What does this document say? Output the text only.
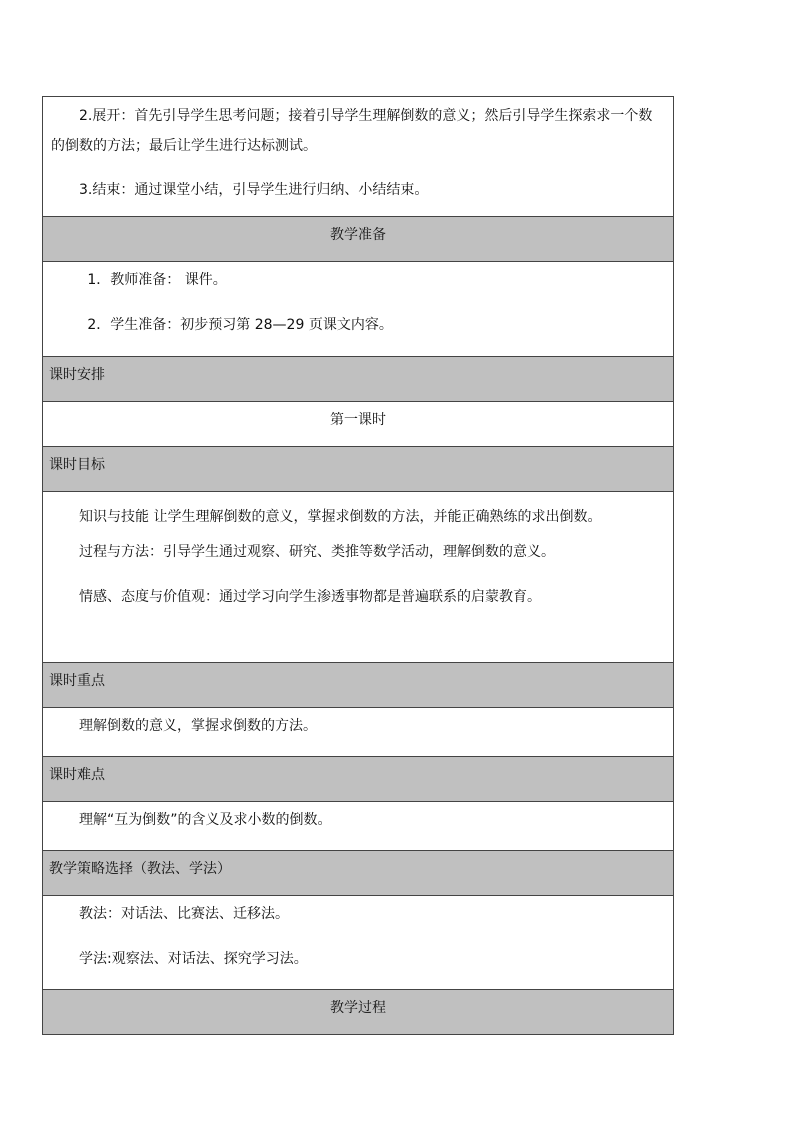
2.展开：首先引导学生思考问题；接着引导学生理解倒数的意义；然后引导学生探索求一个数的倒数的方法；最后让学生进行达标测试。

3.结束：通过课堂小结，引导学生进行归纳、小结结束。

教学准备

1．教师准备： 课件。

2．学生准备：初步预习第 28—29 页课文内容。

课时安排

第一课时

课时目标

知识与技能 让学生理解倒数的意义，掌握求倒数的方法，并能正确熟练的求出倒数。

过程与方法：引导学生通过观察、研究、类推等数学活动，理解倒数的意义。

情感、态度与价值观：通过学习向学生渗透事物都是普遍联系的启蒙教育。

课时重点

理解倒数的意义，掌握求倒数的方法。

课时难点

理解“互为倒数”的含义及求小数的倒数。

教学策略选择（教法、学法）

教法：对话法、比赛法、迁移法。

学法:观察法、对话法、探究学习法。

教学过程
